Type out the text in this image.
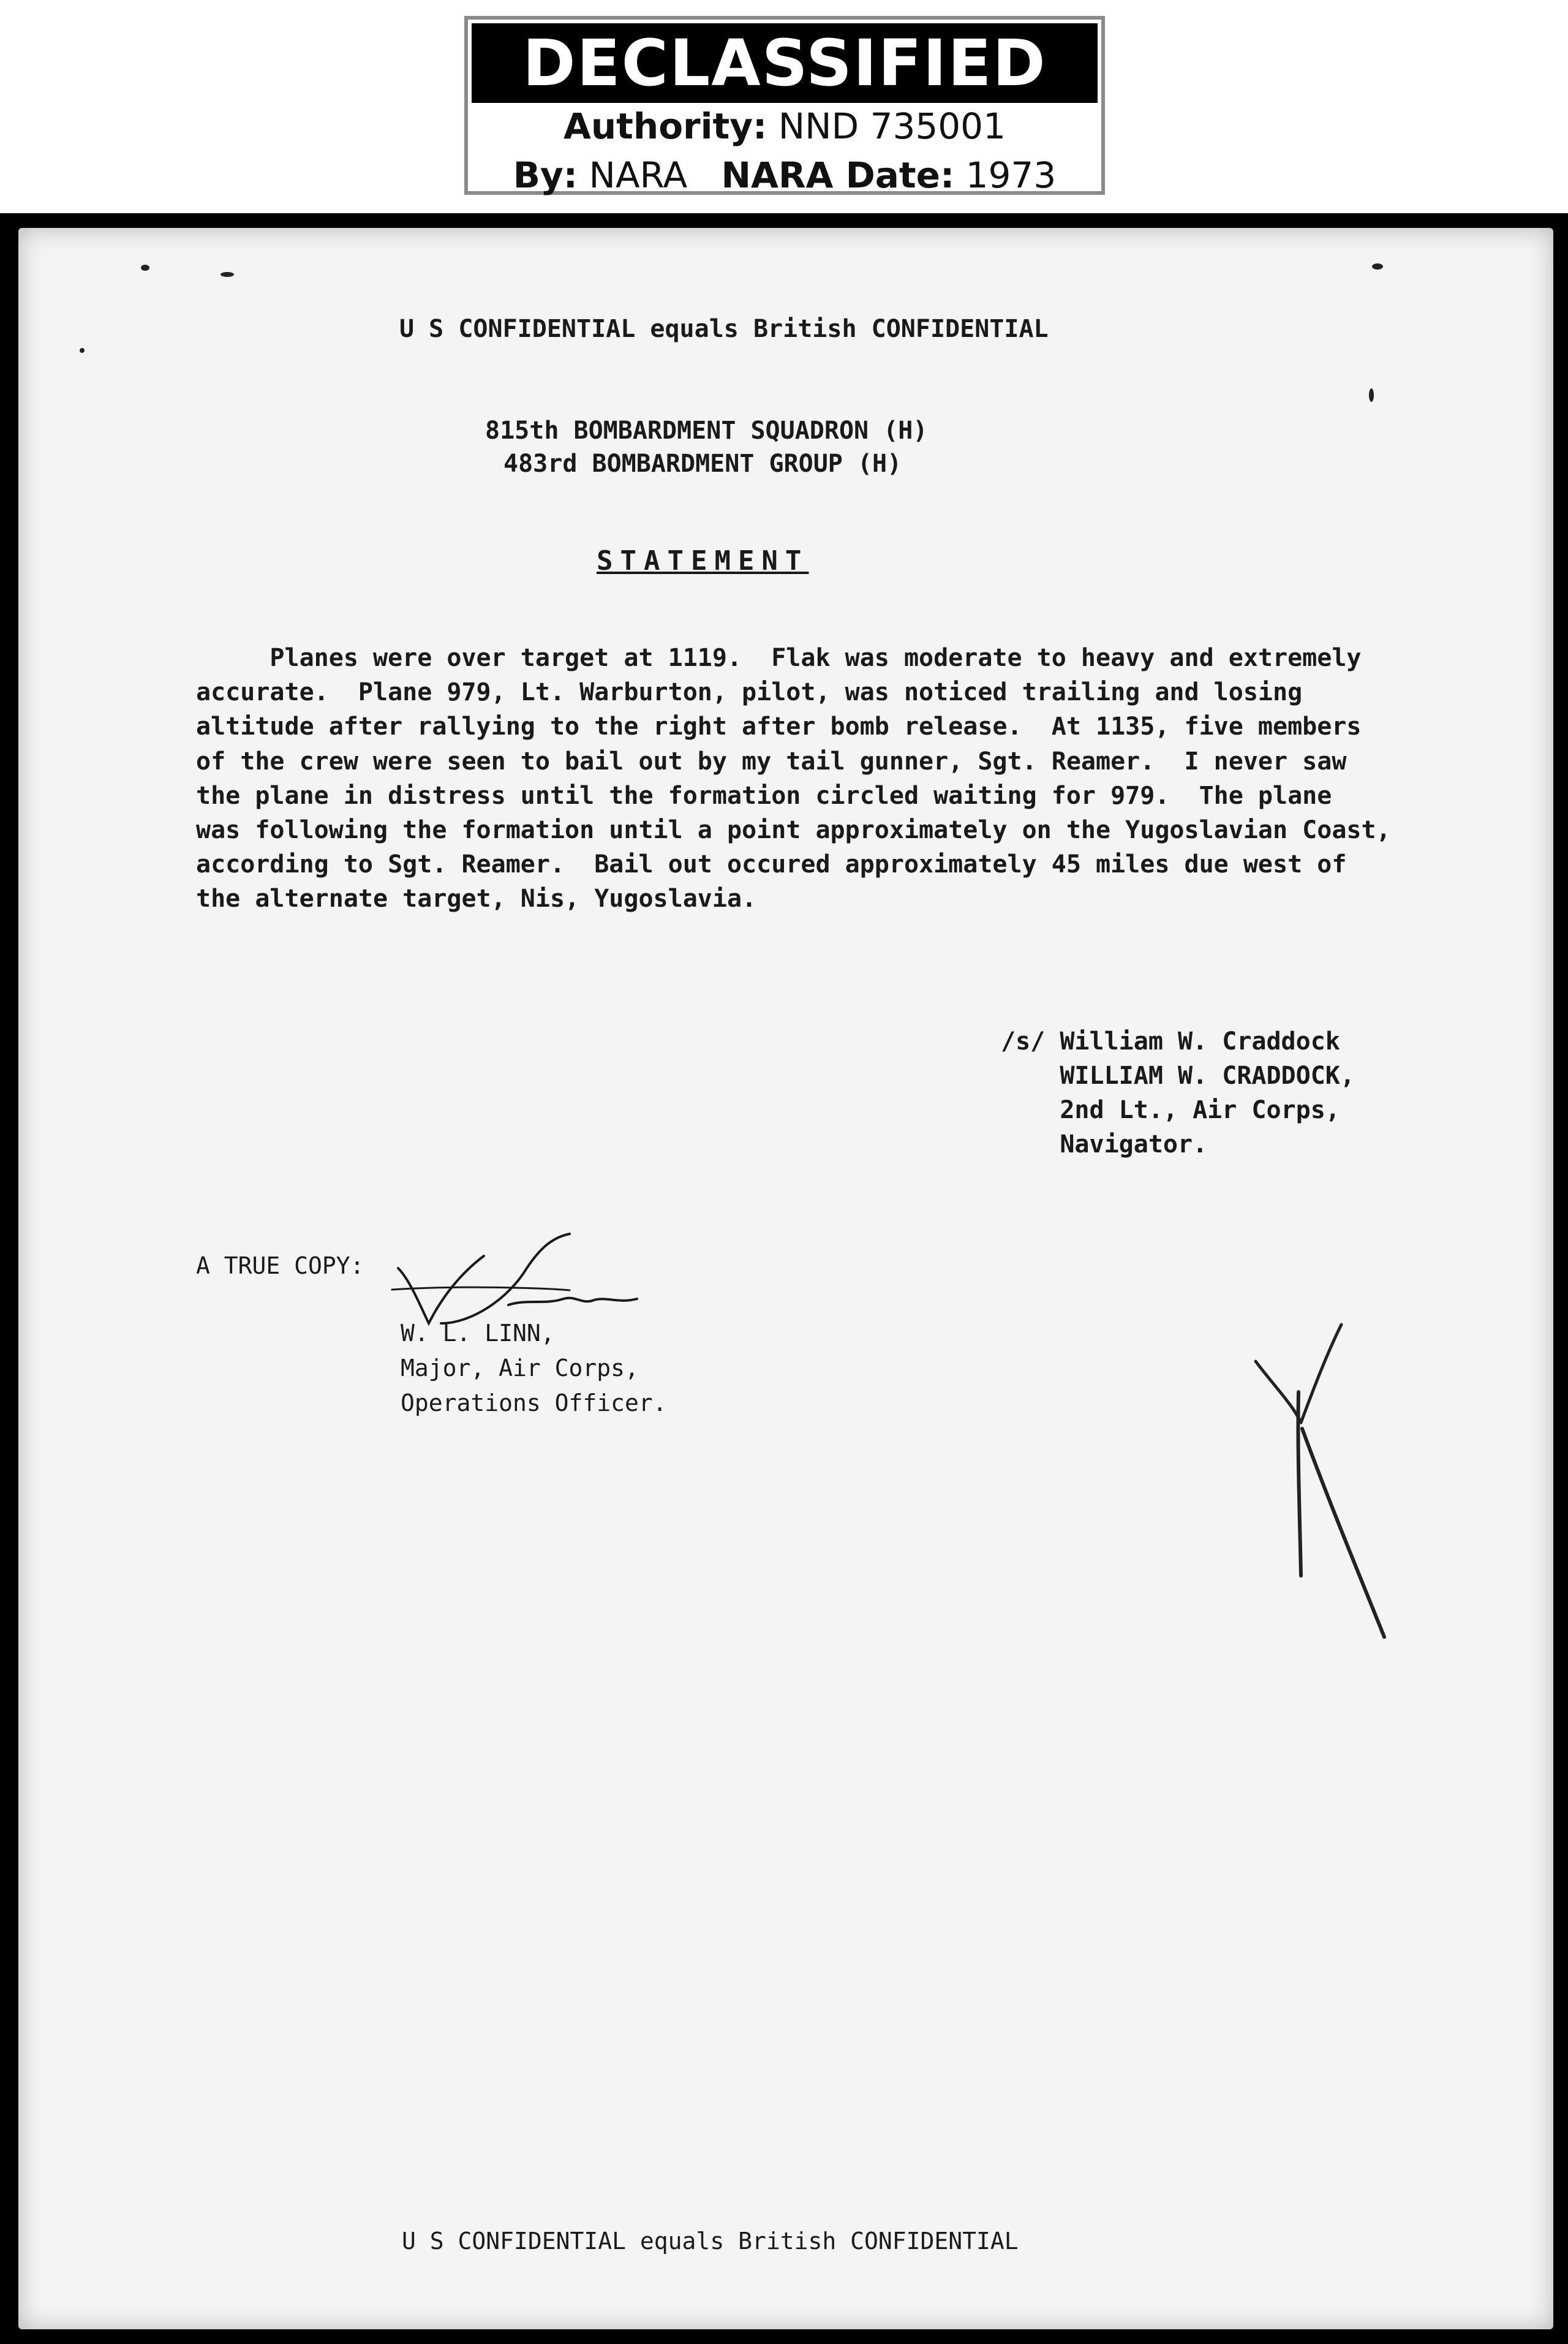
DECLASSIFIED
Authority: NND 735001
By: NARA NARA Date: 1973
U S CONFIDENTIAL equals British CONFIDENTIAL
815th BOMBARDMENT SQUADRON (H)
483rd BOMBARDMENT GROUP (H)
STATEMENT
Planes were over target at 1119.  Flak was moderate to heavy and extremely
accurate.  Plane 979, Lt. Warburton, pilot, was noticed trailing and losing
altitude after rallying to the right after bomb release.  At 1135, five members
of the crew were seen to bail out by my tail gunner, Sgt. Reamer.  I never saw
the plane in distress until the formation circled waiting for 979.  The plane
was following the formation until a point approximately on the Yugoslavian Coast,
according to Sgt. Reamer.  Bail out occured approximately 45 miles due west of
the alternate target, Nis, Yugoslavia.
/s/ William W. Craddock
WILLIAM W. CRADDOCK,
2nd Lt., Air Corps,
Navigator.
A TRUE COPY:
W. L. LINN,
Major, Air Corps,
Operations Officer.
U S CONFIDENTIAL equals British CONFIDENTIAL
